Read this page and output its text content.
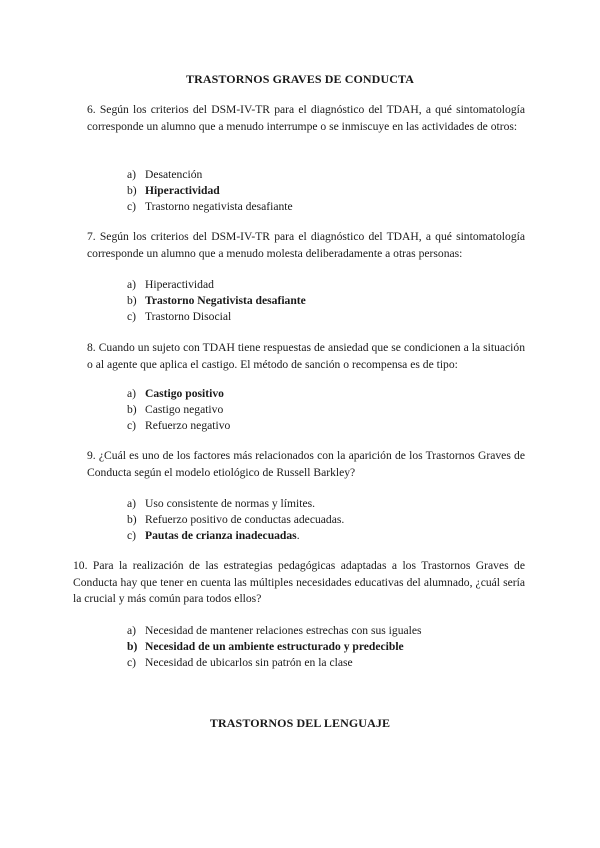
TRASTORNOS GRAVES DE CONDUCTA
6. Según los criterios del DSM-IV-TR para el diagnóstico del TDAH, a qué sintomatología corresponde un alumno que a menudo interrumpe o se inmiscuye en las actividades de otros:
a) Desatención
b) Hiperactividad
c) Trastorno negativista desafiante
7. Según los criterios del DSM-IV-TR para el diagnóstico del TDAH, a qué sintomatología corresponde un alumno que a menudo molesta deliberadamente a otras personas:
a) Hiperactividad
b) Trastorno Negativista desafiante
c) Trastorno Disocial
8. Cuando un sujeto con TDAH tiene respuestas de ansiedad que se condicionen a la situación o al agente que aplica el castigo. El método de sanción o recompensa es de tipo:
a) Castigo positivo
b) Castigo negativo
c) Refuerzo negativo
9. ¿Cuál es uno de los factores más relacionados con la aparición de los Trastornos Graves de Conducta según el modelo etiológico de Russell Barkley?
a) Uso consistente de normas y límites.
b) Refuerzo positivo de conductas adecuadas.
c) Pautas de crianza inadecuadas.
10. Para la realización de las estrategias pedagógicas adaptadas a los Trastornos Graves de Conducta hay que tener en cuenta las múltiples necesidades educativas del alumnado, ¿cuál sería la crucial y más común para todos ellos?
a) Necesidad de mantener relaciones estrechas con sus iguales
b) Necesidad de un ambiente estructurado y predecible
c) Necesidad de ubicarlos sin patrón en la clase
TRASTORNOS DEL LENGUAJE
